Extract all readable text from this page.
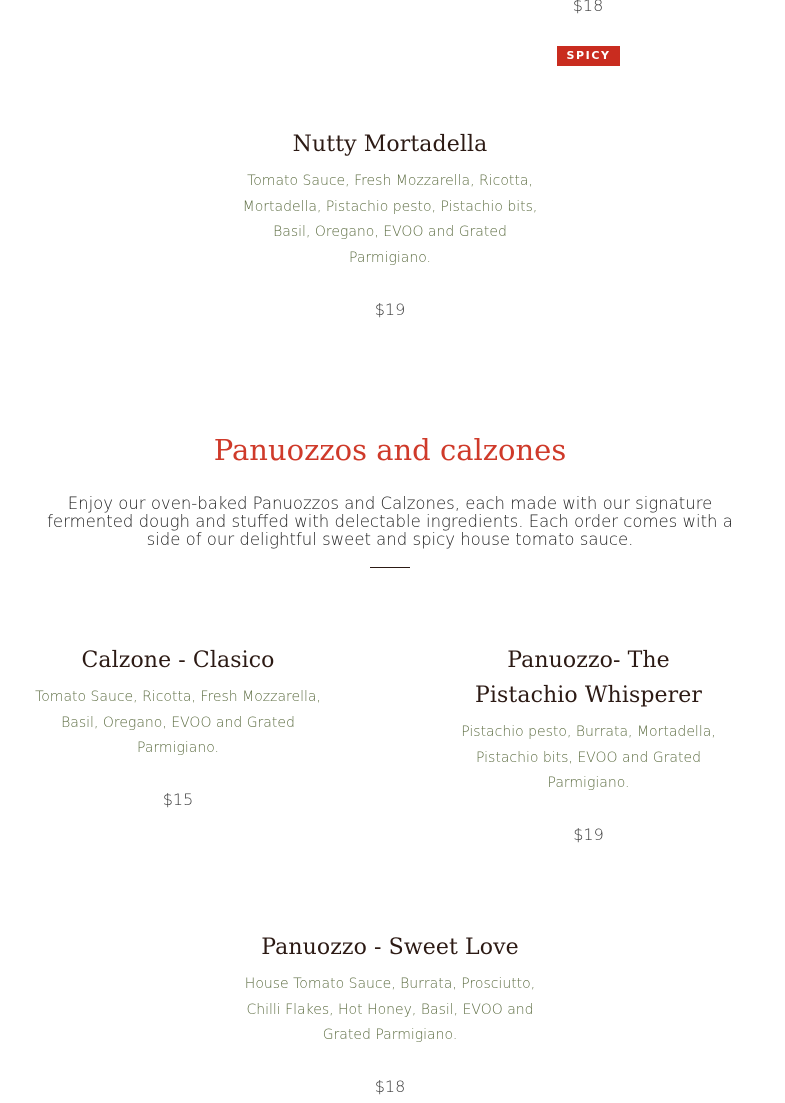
$18
SPICY
Nutty Mortadella
Tomato Sauce, Fresh Mozzarella, Ricotta, Mortadella, Pistachio pesto, Pistachio bits, Basil, Oregano, EVOO and Grated Parmigiano.
$19
Panuozzos and calzones
Enjoy our oven-baked Panuozzos and Calzones, each made with our signature fermented dough and stuffed with delectable ingredients. Each order comes with a side of our delightful sweet and spicy house tomato sauce.
Calzone - Clasico
Tomato Sauce, Ricotta, Fresh Mozzarella, Basil, Oregano, EVOO and Grated Parmigiano.
$15
Panuozzo- The Pistachio Whisperer
Pistachio pesto, Burrata, Mortadella, Pistachio bits, EVOO and Grated Parmigiano.
$19
Panuozzo - Sweet Love
House Tomato Sauce, Burrata, Prosciutto, Chilli Flakes, Hot Honey, Basil, EVOO and Grated Parmigiano.
$18
